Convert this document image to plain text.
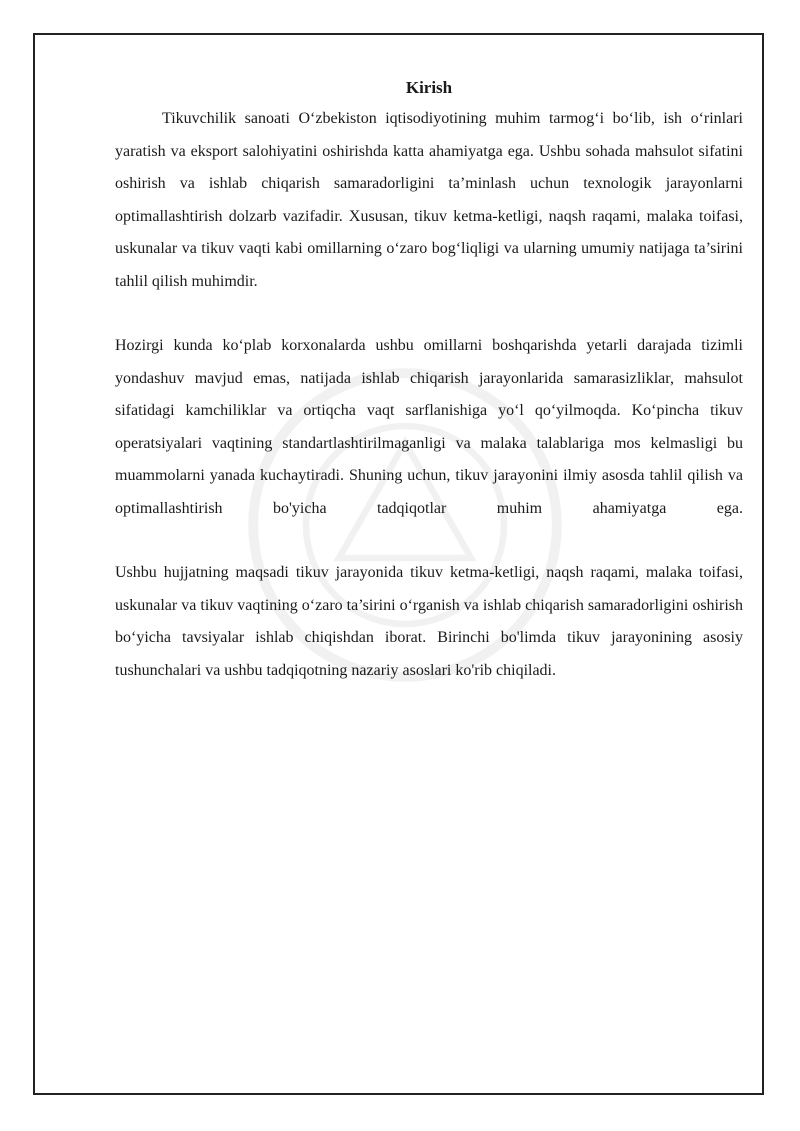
Kirish

Tikuvchilik sanoati O‘zbekiston iqtisodiyotining muhim tarmog‘i bo‘lib, ish o‘rinlari yaratish va eksport salohiyatini oshirishda katta ahamiyatga ega. Ushbu sohada mahsulot sifatini oshirish va ishlab chiqarish samaradorligini ta’minlash uchun texnologik jarayonlarni optimallashtirish dolzarb vazifadir. Xususan, tikuv ketma-ketligi, naqsh raqami, malaka toifasi, uskunalar va tikuv vaqti kabi omillarning o‘zaro bog‘liqligi va ularning umumiy natijaga ta’sirini tahlil qilish muhimdir.

Hozirgi kunda ko‘plab korxonalarda ushbu omillarni boshqarishda yetarli darajada tizimli yondashuv mavjud emas, natijada ishlab chiqarish jarayonlarida samarasizliklar, mahsulot sifatidagi kamchiliklar va ortiqcha vaqt sarflanishiga yo‘l qo‘yilmoqda. Ko‘pincha tikuv operatsiyalari vaqtining standartlashtirilmaganligi va malaka talablariga mos kelmasligi bu muammolarni yanada kuchaytiradi. Shuning uchun, tikuv jarayonini ilmiy asosda tahlil qilish va optimallashtirish bo'yicha tadqiqotlar muhim ahamiyatga ega.

Ushbu hujjatning maqsadi tikuv jarayonida tikuv ketma-ketligi, naqsh raqami, malaka toifasi, uskunalar va tikuv vaqtining o‘zaro ta’sirini o‘rganish va ishlab chiqarish samaradorligini oshirish bo‘yicha tavsiyalar ishlab chiqishdan iborat. Birinchi bo'limda tikuv jarayonining asosiy tushunchalari va ushbu tadqiqotning nazariy asoslari ko'rib chiqiladi.
